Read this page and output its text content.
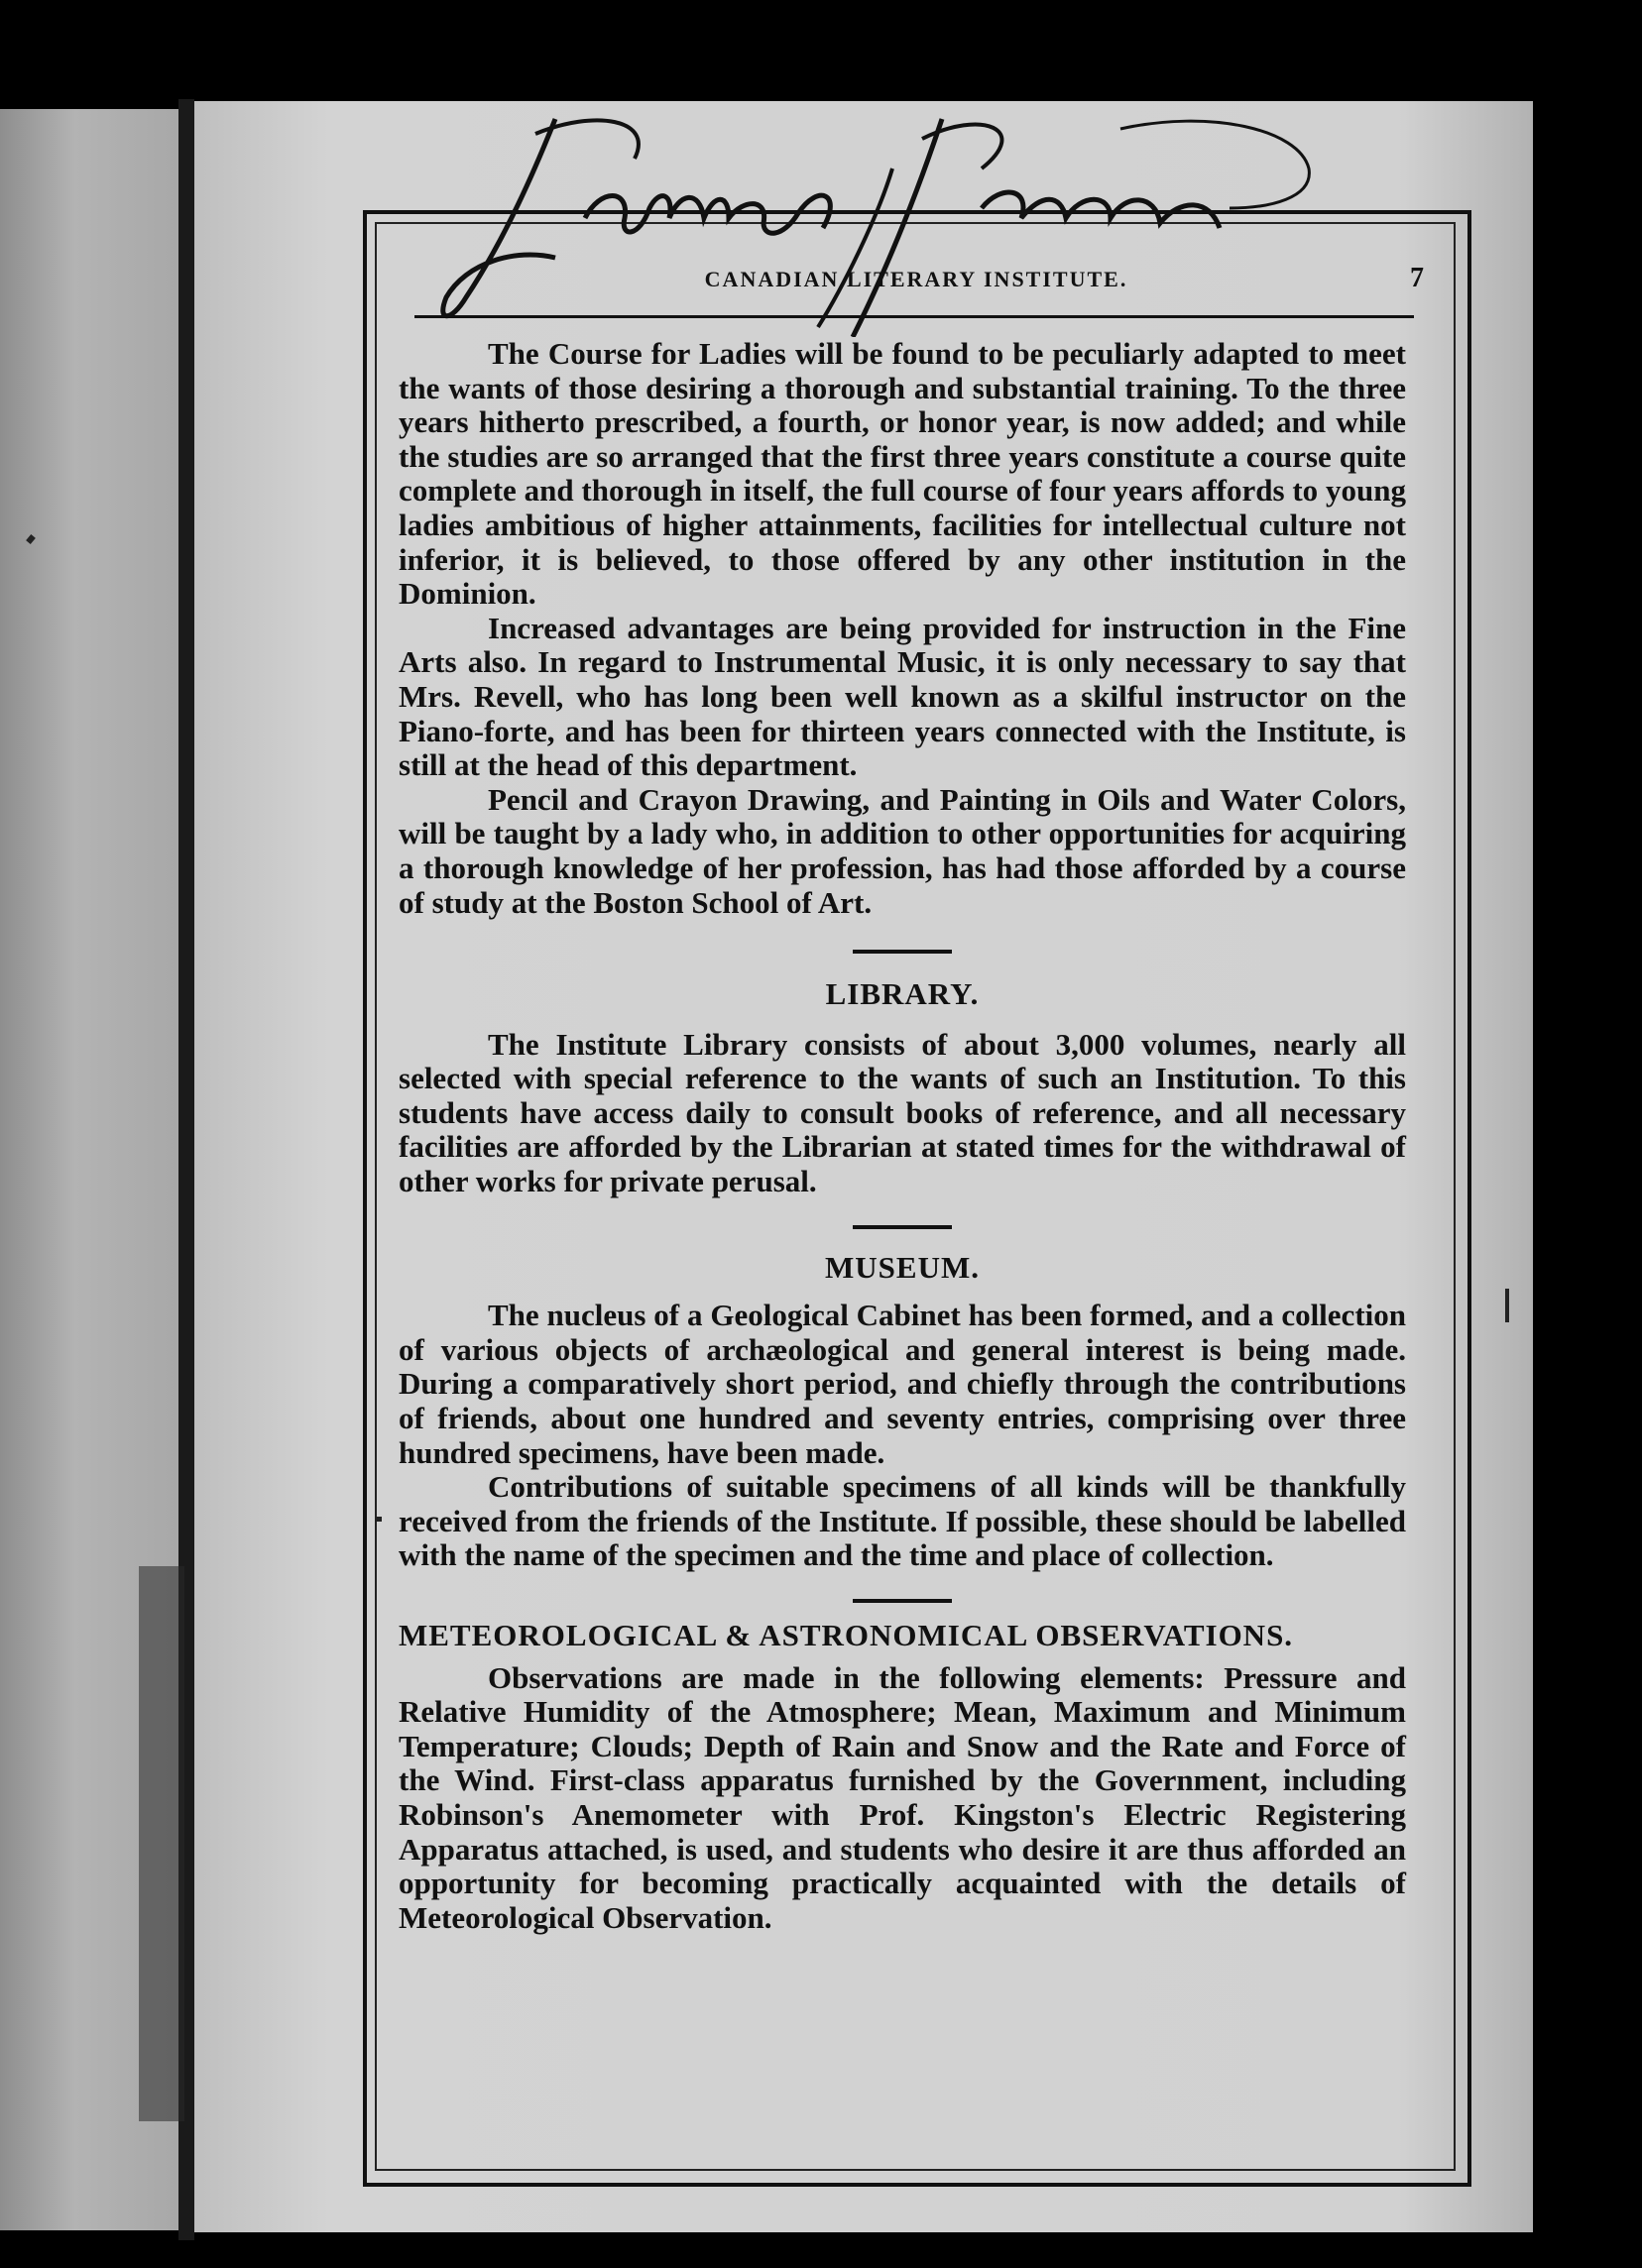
CANADIAN LITERARY INSTITUTE.	7

The Course for Ladies will be found to be peculiarly adapted to meet the wants of those desiring a thorough and substantial training. To the three years hitherto prescribed, a fourth, or honor year, is now added; and while the studies are so arranged that the first three years constitute a course quite complete and thorough in itself, the full course of four years affords to young ladies ambitious of higher attainments, facilities for intellectual culture not inferior, it is believed, to those offered by any other institution in the Dominion.

Increased advantages are being provided for instruction in the Fine Arts also. In regard to Instrumental Music, it is only necessary to say that Mrs. Revell, who has long been well known as a skilful instructor on the Piano-forte, and has been for thirteen years connected with the Institute, is still at the head of this department.

Pencil and Crayon Drawing, and Painting in Oils and Water Colors, will be taught by a lady who, in addition to other opportunities for acquiring a thorough knowledge of her profession, has had those afforded by a course of study at the Boston School of Art.

LIBRARY.

The Institute Library consists of about 3,000 volumes, nearly all selected with special reference to the wants of such an Institution. To this students have access daily to consult books of reference, and all necessary facilities are afforded by the Librarian at stated times for the withdrawal of other works for private perusal.

MUSEUM.

The nucleus of a Geological Cabinet has been formed, and a collection of various objects of archæological and general interest is being made. During a comparatively short period, and chiefly through the contributions of friends, about one hundred and seventy entries, comprising over three hundred specimens, have been made.

Contributions of suitable specimens of all kinds will be thankfully received from the friends of the Institute. If possible, these should be labelled with the name of the specimen and the time and place of collection.

METEOROLOGICAL & ASTRONOMICAL OBSERVATIONS.

Observations are made in the following elements: Pressure and Relative Humidity of the Atmosphere; Mean, Maximum and Minimum Temperature; Clouds; Depth of Rain and Snow and the Rate and Force of the Wind. First-class apparatus furnished by the Government, including Robinson's Anemometer with Prof. Kingston's Electric Registering Apparatus attached, is used, and students who desire it are thus afforded an opportunity for becoming practically acquainted with the details of Meteorological Observation.
